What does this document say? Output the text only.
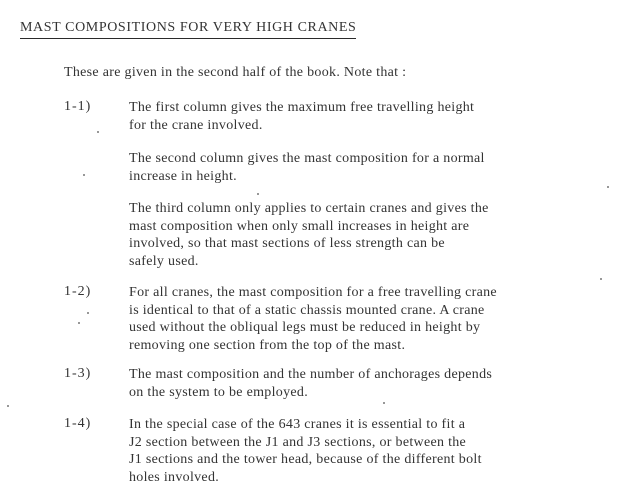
MAST COMPOSITIONS FOR VERY HIGH CRANES
These are given in the second half of the book. Note that :
1-1)	The first column gives the maximum free travelling height
for the crane involved.
The second column gives the mast composition for a normal
increase in height.
The third column only applies to certain cranes and gives the
mast composition when only small increases in height are
involved, so that mast sections of less strength can be
safely used.
1-2)	For all cranes, the mast composition for a free travelling crane
is identical to that of a static chassis mounted crane. A crane
used without the obliqual legs must be reduced in height by
removing one section from the top of the mast.
1-3)	The mast composition and the number of anchorages depends
on the system to be employed.
1-4)	In the special case of the 643 cranes it is essential to fit a
J2 section between the J1 and J3 sections, or between the
J1 sections and the tower head, because of the different bolt
holes involved.
